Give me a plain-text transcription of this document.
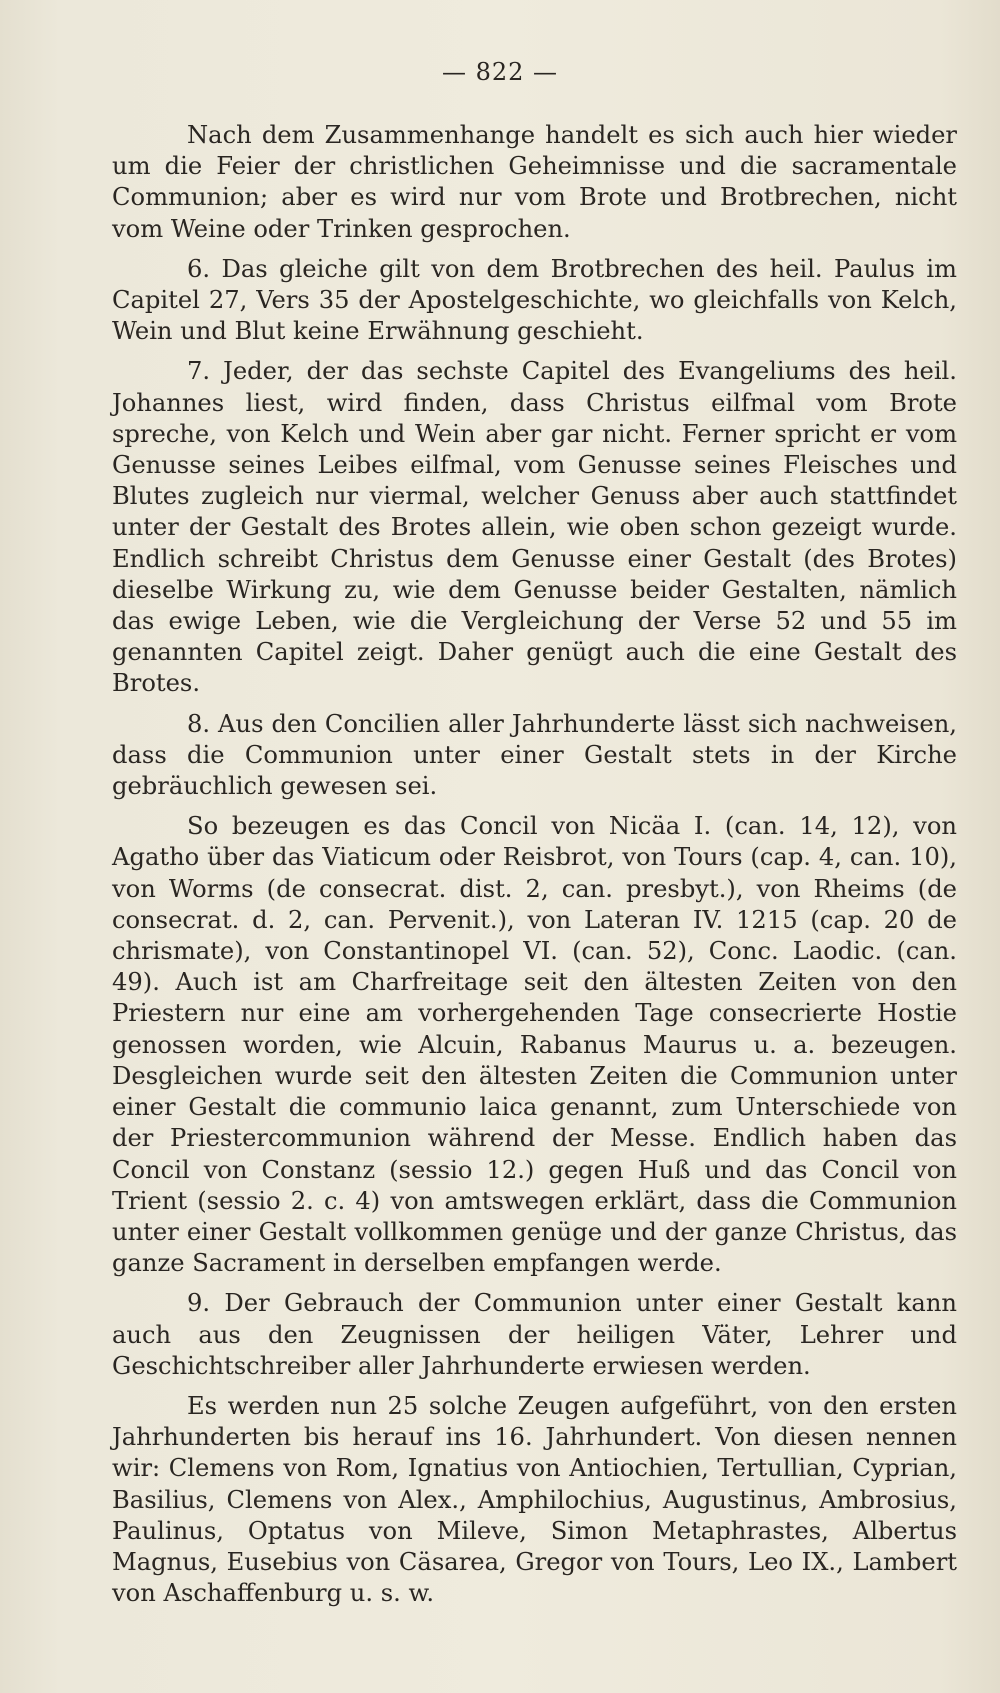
— 822 —

Nach dem Zusammenhange handelt es sich auch hier wieder um die Feier der christlichen Geheimnisse und die sacramentale Communion; aber es wird nur vom Brote und Brotbrechen, nicht vom Weine oder Trinken gesprochen.

6. Das gleiche gilt von dem Brotbrechen des heil. Paulus im Capitel 27, Vers 35 der Apostelgeschichte, wo gleichfalls von Kelch, Wein und Blut keine Erwähnung geschieht.

7. Jeder, der das sechste Capitel des Evangeliums des heil. Johannes liest, wird finden, dass Christus eilfmal vom Brote spreche, von Kelch und Wein aber gar nicht. Ferner spricht er vom Genusse seines Leibes eilfmal, vom Genusse seines Fleisches und Blutes zugleich nur viermal, welcher Genuss aber auch stattfindet unter der Gestalt des Brotes allein, wie oben schon gezeigt wurde. Endlich schreibt Christus dem Genusse einer Gestalt (des Brotes) dieselbe Wirkung zu, wie dem Genusse beider Gestalten, nämlich das ewige Leben, wie die Vergleichung der Verse 52 und 55 im genannten Capitel zeigt. Daher genügt auch die eine Gestalt des Brotes.

8. Aus den Concilien aller Jahrhunderte lässt sich nachweisen, dass die Communion unter einer Gestalt stets in der Kirche gebräuchlich gewesen sei.

So bezeugen es das Concil von Nicäa I. (can. 14, 12), von Agatho über das Viaticum oder Reisbrot, von Tours (cap. 4, can. 10), von Worms (de consecrat. dist. 2, can. presbyt.), von Rheims (de consecrat. d. 2, can. Pervenit.), von Lateran IV. 1215 (cap. 20 de chrismate), von Constantinopel VI. (can. 52), Conc. Laodic. (can. 49). Auch ist am Charfreitage seit den ältesten Zeiten von den Priestern nur eine am vorhergehenden Tage consecrierte Hostie genossen worden, wie Alcuin, Rabanus Maurus u. a. bezeugen. Desgleichen wurde seit den ältesten Zeiten die Communion unter einer Gestalt die communio laica genannt, zum Unterschiede von der Priestercommunion während der Messe. Endlich haben das Concil von Constanz (sessio 12.) gegen Huß und das Concil von Trient (sessio 2. c. 4) von amtswegen erklärt, dass die Communion unter einer Gestalt vollkommen genüge und der ganze Christus, das ganze Sacrament in derselben empfangen werde.

9. Der Gebrauch der Communion unter einer Gestalt kann auch aus den Zeugnissen der heiligen Väter, Lehrer und Geschichtschreiber aller Jahrhunderte erwiesen werden.

Es werden nun 25 solche Zeugen aufgeführt, von den ersten Jahrhunderten bis herauf ins 16. Jahrhundert. Von diesen nennen wir: Clemens von Rom, Ignatius von Antiochien, Tertullian, Cyprian, Basilius, Clemens von Alex., Amphilochius, Augustinus, Ambrosius, Paulinus, Optatus von Mileve, Simon Metaphrastes, Albertus Magnus, Eusebius von Cäsarea, Gregor von Tours, Leo IX., Lambert von Aschaffenburg u. s. w.
